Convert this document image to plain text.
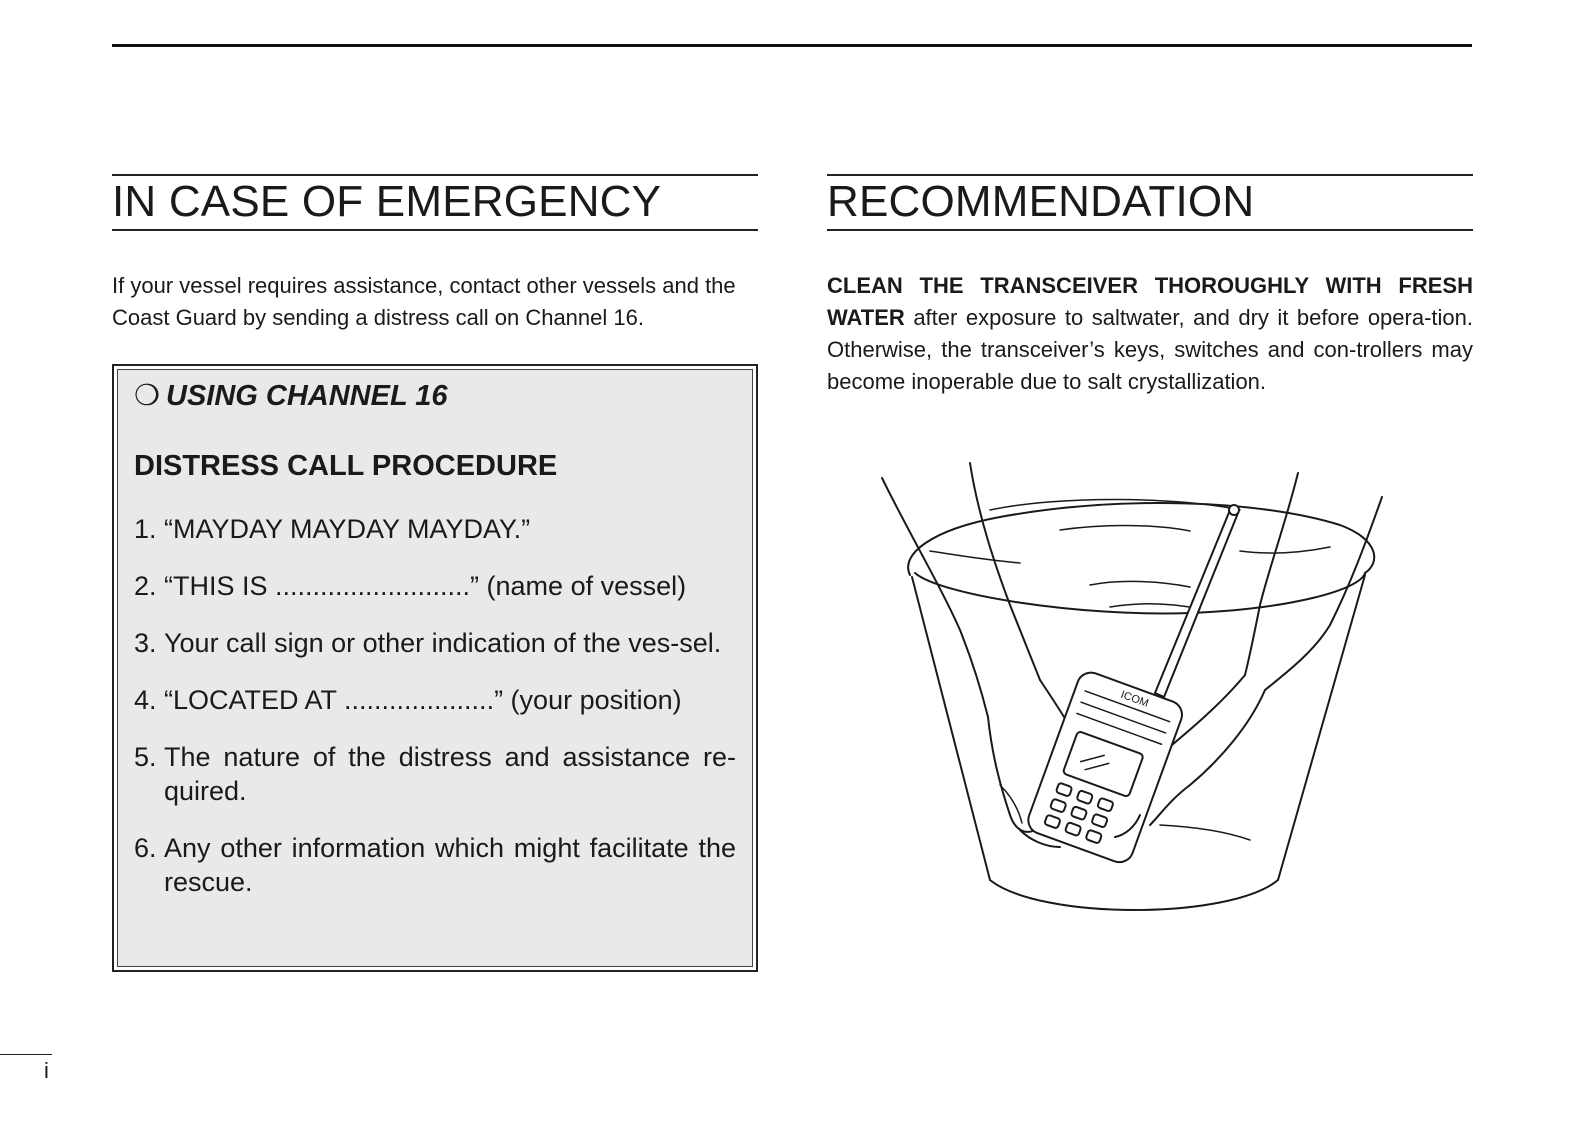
IN CASE OF EMERGENCY

If your vessel requires assistance, contact other vessels and the Coast Guard by sending a distress call on Channel 16.

❍ USING CHANNEL 16

DISTRESS CALL PROCEDURE

1. “MAYDAY MAYDAY MAYDAY.”
2. “THIS IS ..........................” (name of vessel)
3. Your call sign or other indication of the ves-sel.
4. “LOCATED AT ....................” (your position)
5. The nature of the distress and assistance re-quired.
6. Any other information which might facilitate the rescue.
RECOMMENDATION

CLEAN THE TRANSCEIVER THOROUGHLY WITH FRESH WATER after exposure to saltwater, and dry it before opera-tion. Otherwise, the transceiver’s keys, switches and con-trollers may become inoperable due to salt crystallization.

ICOM
i
